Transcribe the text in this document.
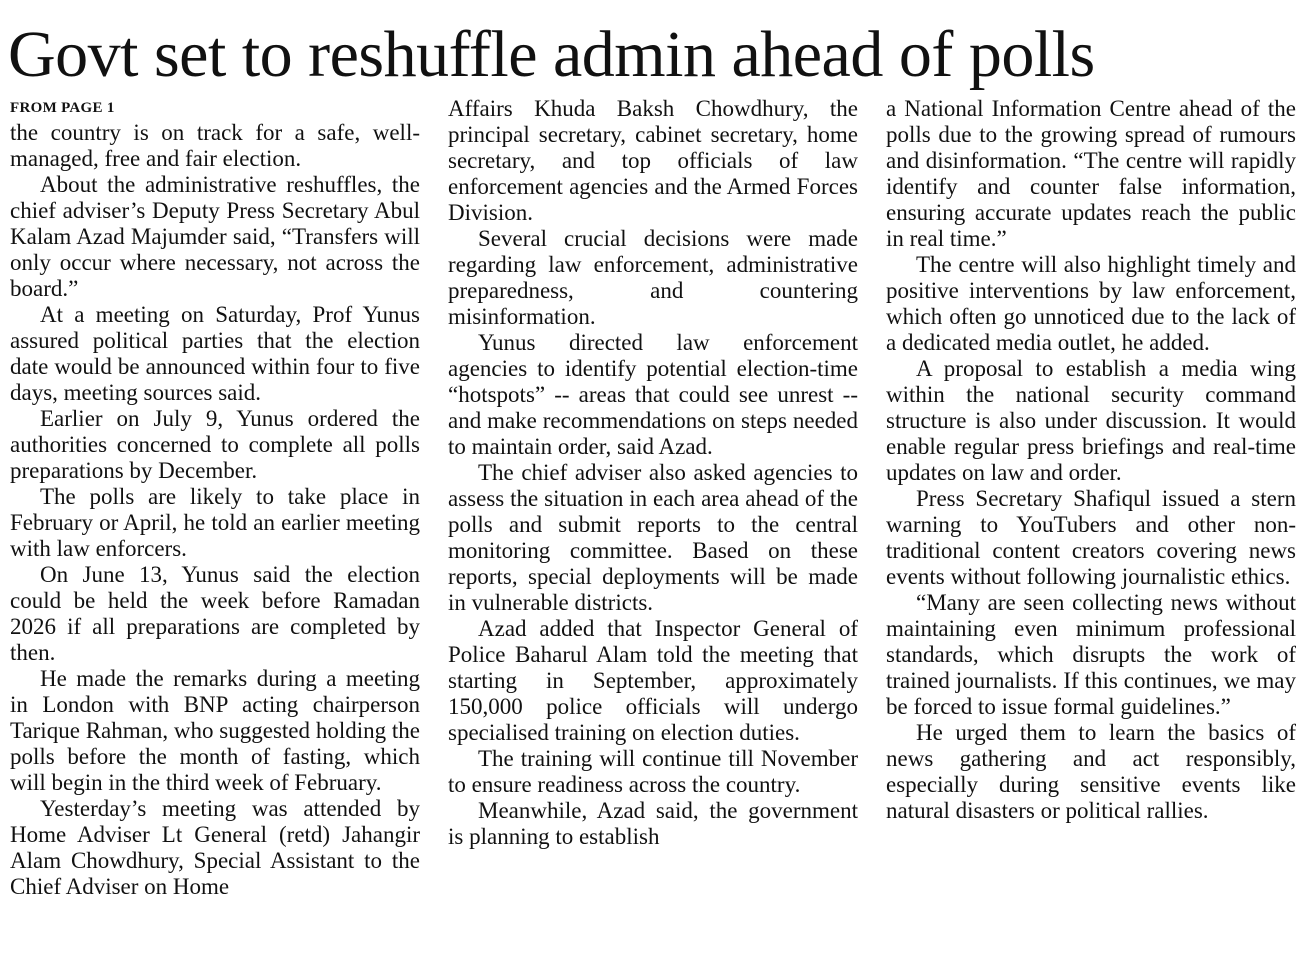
Govt set to reshuffle admin ahead of polls

FROM PAGE 1

the country is on track for a safe, well-managed, free and fair election.

About the administrative reshuffles, the chief adviser’s Deputy Press Secretary Abul Kalam Azad Majumder said, “Transfers will only occur where necessary, not across the board.”

At a meeting on Saturday, Prof Yunus assured political parties that the election date would be announced within four to five days, meeting sources said.

Earlier on July 9, Yunus ordered the authorities concerned to complete all polls preparations by December.

The polls are likely to take place in February or April, he told an earlier meeting with law enforcers.

On June 13, Yunus said the election could be held the week before Ramadan 2026 if all preparations are completed by then.

He made the remarks during a meeting in London with BNP acting chairperson Tarique Rahman, who suggested holding the polls before the month of fasting, which will begin in the third week of February.

Yesterday’s meeting was attended by Home Adviser Lt General (retd) Jahangir Alam Chowdhury, Special Assistant to the Chief Adviser on Home

Affairs Khuda Baksh Chowdhury, the principal secretary, cabinet secretary, home secretary, and top officials of law enforcement agencies and the Armed Forces Division.

Several crucial decisions were made regarding law enforcement, administrative preparedness, and countering misinformation.

Yunus directed law enforcement agencies to identify potential election-time “hotspots” -- areas that could see unrest -- and make recommendations on steps needed to maintain order, said Azad.

The chief adviser also asked agencies to assess the situation in each area ahead of the polls and submit reports to the central monitoring committee. Based on these reports, special deployments will be made in vulnerable districts.

Azad added that Inspector General of Police Baharul Alam told the meeting that starting in September, approximately 150,000 police officials will undergo specialised training on election duties.

The training will continue till November to ensure readiness across the country.

Meanwhile, Azad said, the government is planning to establish

a National Information Centre ahead of the polls due to the growing spread of rumours and disinformation. “The centre will rapidly identify and counter false information, ensuring accurate updates reach the public in real time.”

The centre will also highlight timely and positive interventions by law enforcement, which often go unnoticed due to the lack of a dedicated media outlet, he added.

A proposal to establish a media wing within the national security command structure is also under discussion. It would enable regular press briefings and real-time updates on law and order.

Press Secretary Shafiqul issued a stern warning to YouTubers and other non-traditional content creators covering news events without following journalistic ethics.

“Many are seen collecting news without maintaining even minimum professional standards, which disrupts the work of trained journalists. If this continues, we may be forced to issue formal guidelines.”

He urged them to learn the basics of news gathering and act responsibly, especially during sensitive events like natural disasters or political rallies.
